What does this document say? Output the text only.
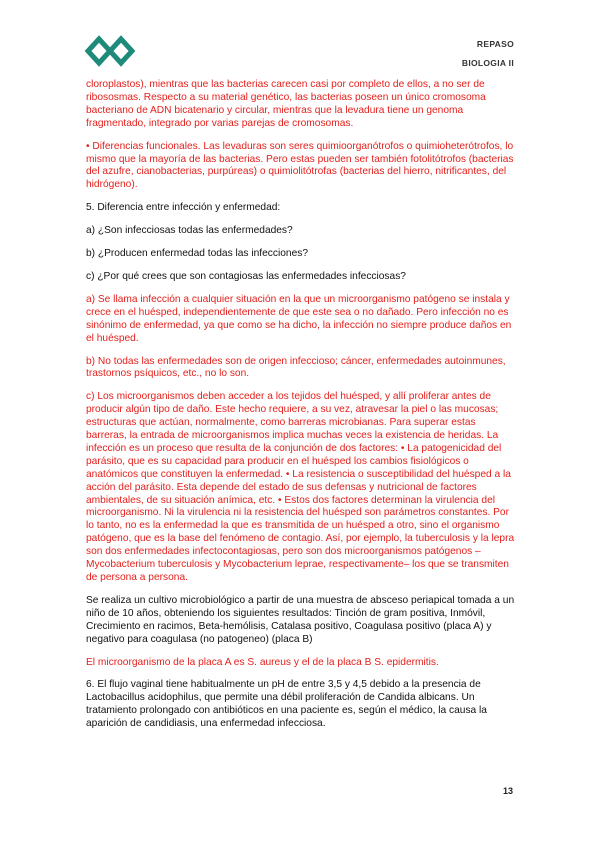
REPASO
BIOLOGIA II

cloroplastos), mientras que las bacterias carecen casi por completo de ellos, a no ser de ribososmas. Respecto a su material genético, las bacterias poseen un único cromosoma bacteriano de ADN bicatenario y circular, mientras que la levadura tiene un genoma fragmentado, integrado por varias parejas de cromosomas.

• Diferencias funcionales. Las levaduras son seres quimioorganótrofos o quimioheterótrofos, lo mismo que la mayoría de las bacterias. Pero estas pueden ser también fotolitótrofos (bacterias del azufre, cianobacterias, purpúreas) o quimiolitótrofas (bacterias del hierro, nitrificantes, del hidrógeno).

5. Diferencia entre infección y enfermedad:

a) ¿Son infecciosas todas las enfermedades?

b) ¿Producen enfermedad todas las infecciones?

c) ¿Por qué crees que son contagiosas las enfermedades infecciosas?

a) Se llama infección a cualquier situación en la que un microorganismo patógeno se instala y crece en el huésped, independientemente de que este sea o no dañado. Pero infección no es sinónimo de enfermedad, ya que como se ha dicho, la infección no siempre produce daños en el huésped.

b) No todas las enfermedades son de origen infeccioso; cáncer, enfermedades autoinmunes, trastornos psíquicos, etc., no lo son.

c) Los microorganismos deben acceder a los tejidos del huésped, y allí proliferar antes de producir algún tipo de daño. Este hecho requiere, a su vez, atravesar la piel o las mucosas; estructuras que actúan, normalmente, como barreras microbianas. Para superar estas barreras, la entrada de microorganismos implica muchas veces la existencia de heridas. La infección es un proceso que resulta de la conjunción de dos factores: • La patogenicidad del parásito, que es su capacidad para producir en el huésped los cambios fisiológicos o anatómicos que constituyen la enfermedad. • La resistencia o susceptibilidad del huésped a la acción del parásito. Esta depende del estado de sus defensas y nutricional de factores ambientales, de su situación anímica, etc. • Estos dos factores determinan la virulencia del microorganismo. Ni la virulencia ni la resistencia del huésped son parámetros constantes. Por lo tanto, no es la enfermedad la que es transmitida de un huésped a otro, sino el organismo patógeno, que es la base del fenómeno de contagio. Así, por ejemplo, la tuberculosis y la lepra son dos enfermedades infectocontagiosas, pero son dos microorganismos patógenos –Mycobacterium tuberculosis y Mycobacterium leprae, respectivamente– los que se transmiten de persona a persona.

Se realiza un cultivo microbiológico a partir de una muestra de absceso periapical tomada a un niño de 10 años, obteniendo los siguientes resultados: Tinción de gram positiva, Inmóvil, Crecimiento en racimos, Beta-hemólisis, Catalasa positivo, Coagulasa positivo (placa A) y negativo para coagulasa (no patogeneo) (placa B)

El microorganismo de la placa A es S. aureus y el de la placa B S. epidermitis.

6. El flujo vaginal tiene habitualmente un pH de entre 3,5 y 4,5 debido a la presencia de Lactobacillus acidophilus, que permite una débil proliferación de Candida albicans. Un tratamiento prolongado con antibióticos en una paciente es, según el médico, la causa la aparición de candidiasis, una enfermedad infecciosa.

13
